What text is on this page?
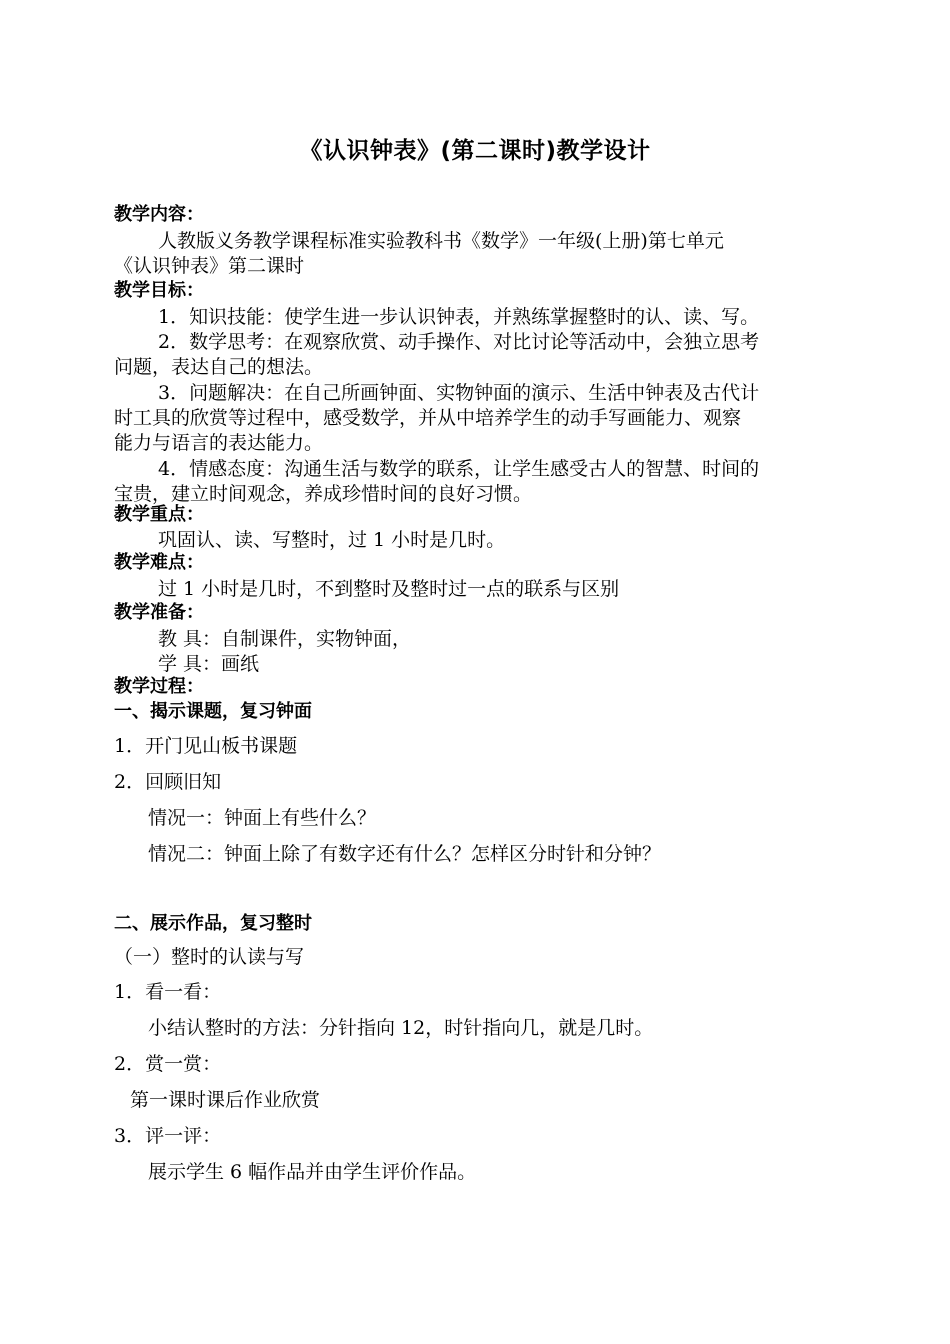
《认识钟表》(第二课时)教学设计
教学内容：
人教版义务教学课程标准实验教科书《数学》一年级(上册)第七单元
《认识钟表》第二课时
教学目标：
1．知识技能：使学生进一步认识钟表，并熟练掌握整时的认、读、写。
2．数学思考：在观察欣赏、动手操作、对比讨论等活动中，会独立思考
问题，表达自己的想法。
3．问题解决：在自己所画钟面、实物钟面的演示、生活中钟表及古代计
时工具的欣赏等过程中，感受数学，并从中培养学生的动手写画能力、观察
能力与语言的表达能力。
4．情感态度：沟通生活与数学的联系，让学生感受古人的智慧、时间的
宝贵，建立时间观念，养成珍惜时间的良好习惯。
教学重点：
巩固认、读、写整时，过 1 小时是几时。
教学难点：
过 1 小时是几时，不到整时及整时过一点的联系与区别
教学准备：
教 具：自制课件，实物钟面，
学 具：画纸
教学过程：
一、揭示课题，复习钟面
1．开门见山板书课题
2．回顾旧知
情况一：钟面上有些什么？
情况二：钟面上除了有数字还有什么？怎样区分时针和分钟？
二、展示作品，复习整时
（一）整时的认读与写
1．看一看：
小结认整时的方法：分针指向 12，时针指向几，就是几时。
2．赏一赏：
第一课时课后作业欣赏
3．评一评：
展示学生 6 幅作品并由学生评价作品。
